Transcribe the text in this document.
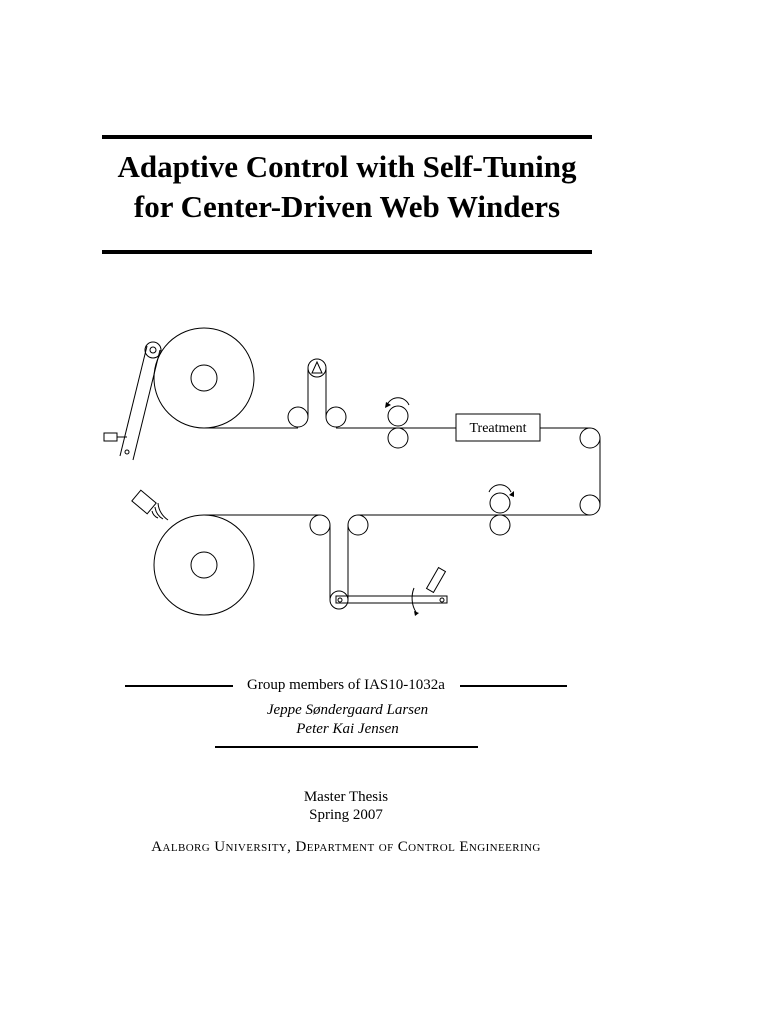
Adaptive Control with Self-Tuning
for Center-Driven Web Winders
Treatment
Group members of IAS10-1032a
Jeppe Søndergaard Larsen
Peter Kai Jensen
Master Thesis
Spring 2007
Aalborg University, Department of Control Engineering
